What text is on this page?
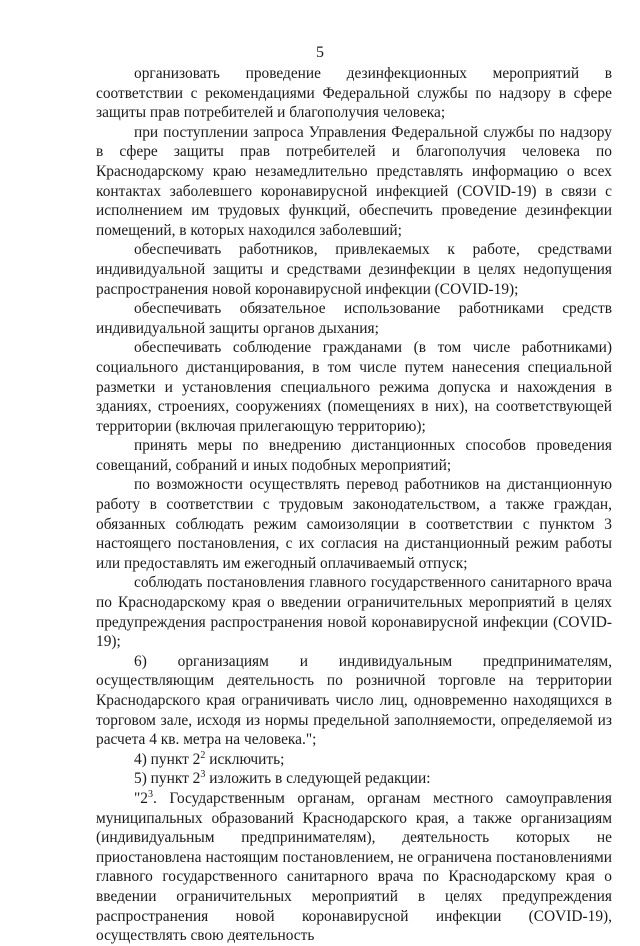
5

организовать проведение дезинфекционных мероприятий в соответствии с рекомендациями Федеральной службы по надзору в сфере защиты прав потребителей и благополучия человека;

при поступлении запроса Управления Федеральной службы по надзору в сфере защиты прав потребителей и благополучия человека по Краснодарскому краю незамедлительно представлять информацию о всех контактах заболевшего коронавирусной инфекцией (COVID-19) в связи с исполнением им трудовых функций, обеспечить проведение дезинфекции помещений, в которых находился заболевший;

обеспечивать работников, привлекаемых к работе, средствами индивидуальной защиты и средствами дезинфекции в целях недопущения распространения новой коронавирусной инфекции (COVID-19);

обеспечивать обязательное использование работниками средств индивидуальной защиты органов дыхания;

обеспечивать соблюдение гражданами (в том числе работниками) социального дистанцирования, в том числе путем нанесения специальной разметки и установления специального режима допуска и нахождения в зданиях, строениях, сооружениях (помещениях в них), на соответствующей территории (включая прилегающую территорию);

принять меры по внедрению дистанционных способов проведения совещаний, собраний и иных подобных мероприятий;

по возможности осуществлять перевод работников на дистанционную работу в соответствии с трудовым законодательством, а также граждан, обязанных соблюдать режим самоизоляции в соответствии с пунктом 3 настоящего постановления, с их согласия на дистанционный режим работы или предоставлять им ежегодный оплачиваемый отпуск;

соблюдать постановления главного государственного санитарного врача по Краснодарскому края о введении ограничительных мероприятий в целях предупреждения распространения новой коронавирусной инфекции (COVID-19);

6) организациям и индивидуальным предпринимателям, осуществляющим деятельность по розничной торговле на территории Краснодарского края ограничивать число лиц, одновременно находящихся в торговом зале, исходя из нормы предельной заполняемости, определяемой из расчета 4 кв. метра на человека.";

4) пункт $2^2$ исключить;

5) пункт $2^3$ изложить в следующей редакции:

"$2^3$. Государственным органам, органам местного самоуправления муниципальных образований Краснодарского края, а также организациям (индивидуальным предпринимателям), деятельность которых не приостановлена настоящим постановлением, не ограничена постановлениями главного государственного санитарного врача по Краснодарскому края о введении ограничительных мероприятий в целях предупреждения распространения новой коронавирусной инфекции (COVID-19), осуществлять свою деятельность
